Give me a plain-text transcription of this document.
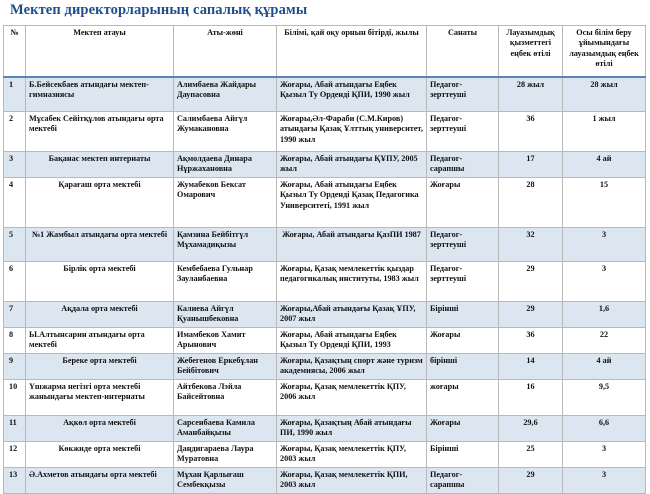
Мектеп директорларының сапалық құрамы
№	Мектеп атауы	Аты-жөні	Білімі, қай оқу орнын бітірді, жылы	Санаты	Лауазымдық қызметтегі еңбек өтілі	Осы білім беру ұйымындағы лауазымдық еңбек өтілі
1	Б.Бейсекбаев атындағы мектеп-гимназиясы	Алимбаева Жайдары Даупасовна	Жоғары, Абай атындағы Еңбек Қызыл Ту Орденді ҚПИ, 1990 жыл	Педагог-зерттеуші	28 жыл	28 жыл
2	Мұсабек Сейітқұлов атындағы орта мектебі	Салимбаева Айгүл Жумакановна	Жоғары,Әл-Фараби (С.М.Киров) атындағы Қазақ Ұлттық университет, 1990 жыл	Педагог-зерттеуші	36	1 жыл
3	Бақанас мектеп интернаты	Ақмолдаева Динара Нұржахановна	Жоғары, Абай атындағы ҚҰПУ, 2005 жыл	Педагог-сарапшы	17	4 ай
4	Қарағаш орта мектебі	Жумабеков Бексат Омарович	Жоғары, Абай атындағы Еңбек Қызыл Ту Орденді Қазақ Педагогика Университеті, 1991 жыл	Жоғары	28	15
5	№1 Жамбыл атындағы орта мектебі	Қамзина Бейбітгүл Мұхамадиқызы	Жоғары, Абай атындағы ҚазПИ 1987	Педагог-зерттеуші	32	3
6	Бірлік орта мектебі	Кембебаева Гульнар Зауланбаевна	Жоғары, Қазақ мемлекеттік қыздар педагогикалық институты, 1983 жыл	Педагог-зерттеуші	29	3
7	Ақдала орта мектебі	Калиева Айгүл Қуанышбековна	Жоғары,Абай атындағы Қазақ ҰПУ, 2007 жыл	Бірінші	29	1,6
8	Ы.Алтынсарин атындағы орта мектебі	Имамбеков Хамит Арынович	Жоғары, Абай атындағы Еңбек Қызыл Ту Орденді ҚПИ, 1993	Жоғары	36	22
9	Береке орта мектебі	Жебегенов Еркебұлан Бейбітович	Жоғары, Қазақтың спорт және туризм академиясы, 2006 жыл	бірінші	14	4 ай
10	Үшжарма негізгі орта мектебі жанындағы мектеп-интернаты	Айтбекова Лэйла Байсейтовна	Жоғары, Қазақ мемлекеттік ҚПУ, 2006 жыл	жоғары	16	9,5
11	Ақкөл орта мектебі	Сарсенбаева Камила Аманбайқызы	Жоғары, Қазақтың Абай атындағы ПИ, 1990 жыл	Жоғары	29,6	6,6
12	Көкжиде орта мектебі	Даңдигараева Лаура Муратовна	Жоғары, Қазақ мемлекеттік ҚПУ, 2003 жыл	Бірінші	25	3
13	Ә.Ахметов атындағы орта мектебі	Мұхан Қарлығаш Сембекқызы	Жоғары, Қазақ мемлекеттік ҚПИ, 2003 жыл	Педагог-сарапшы	29	3
